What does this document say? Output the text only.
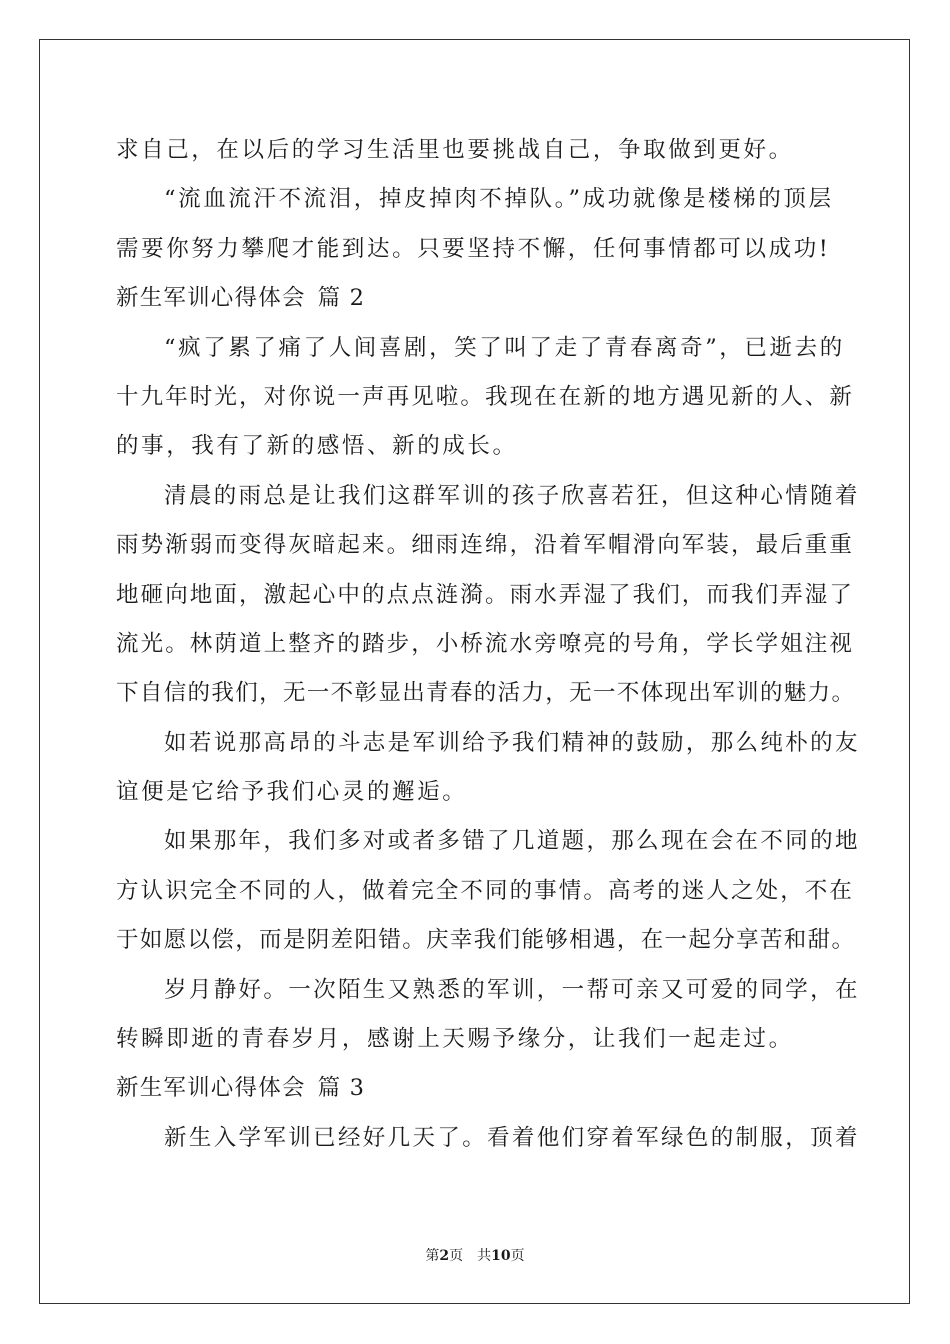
求自己，在以后的学习生活里也要挑战自己，争取做到更好。
“流血流汗不流泪，掉皮掉肉不掉队。”成功就像是楼梯的顶层
需要你努力攀爬才能到达。只要坚持不懈，任何事情都可以成功!
新生军训心得体会 篇 2
“疯了累了痛了人间喜剧，笑了叫了走了青春离奇”，已逝去的
十九年时光，对你说一声再见啦。我现在在新的地方遇见新的人、新
的事，我有了新的感悟、新的成长。
清晨的雨总是让我们这群军训的孩子欣喜若狂，但这种心情随着
雨势渐弱而变得灰暗起来。细雨连绵，沿着军帽滑向军装，最后重重
地砸向地面，激起心中的点点涟漪。雨水弄湿了我们，而我们弄湿了
流光。林荫道上整齐的踏步，小桥流水旁嘹亮的号角，学长学姐注视
下自信的我们，无一不彰显出青春的活力，无一不体现出军训的魅力。
如若说那高昂的斗志是军训给予我们精神的鼓励，那么纯朴的友
谊便是它给予我们心灵的邂逅。
如果那年，我们多对或者多错了几道题，那么现在会在不同的地
方认识完全不同的人，做着完全不同的事情。高考的迷人之处，不在
于如愿以偿，而是阴差阳错。庆幸我们能够相遇，在一起分享苦和甜。
岁月静好。一次陌生又熟悉的军训，一帮可亲又可爱的同学，在
转瞬即逝的青春岁月，感谢上天赐予缘分，让我们一起走过。
新生军训心得体会 篇 3
新生入学军训已经好几天了。看着他们穿着军绿色的制服，顶着
第2页 共10页
